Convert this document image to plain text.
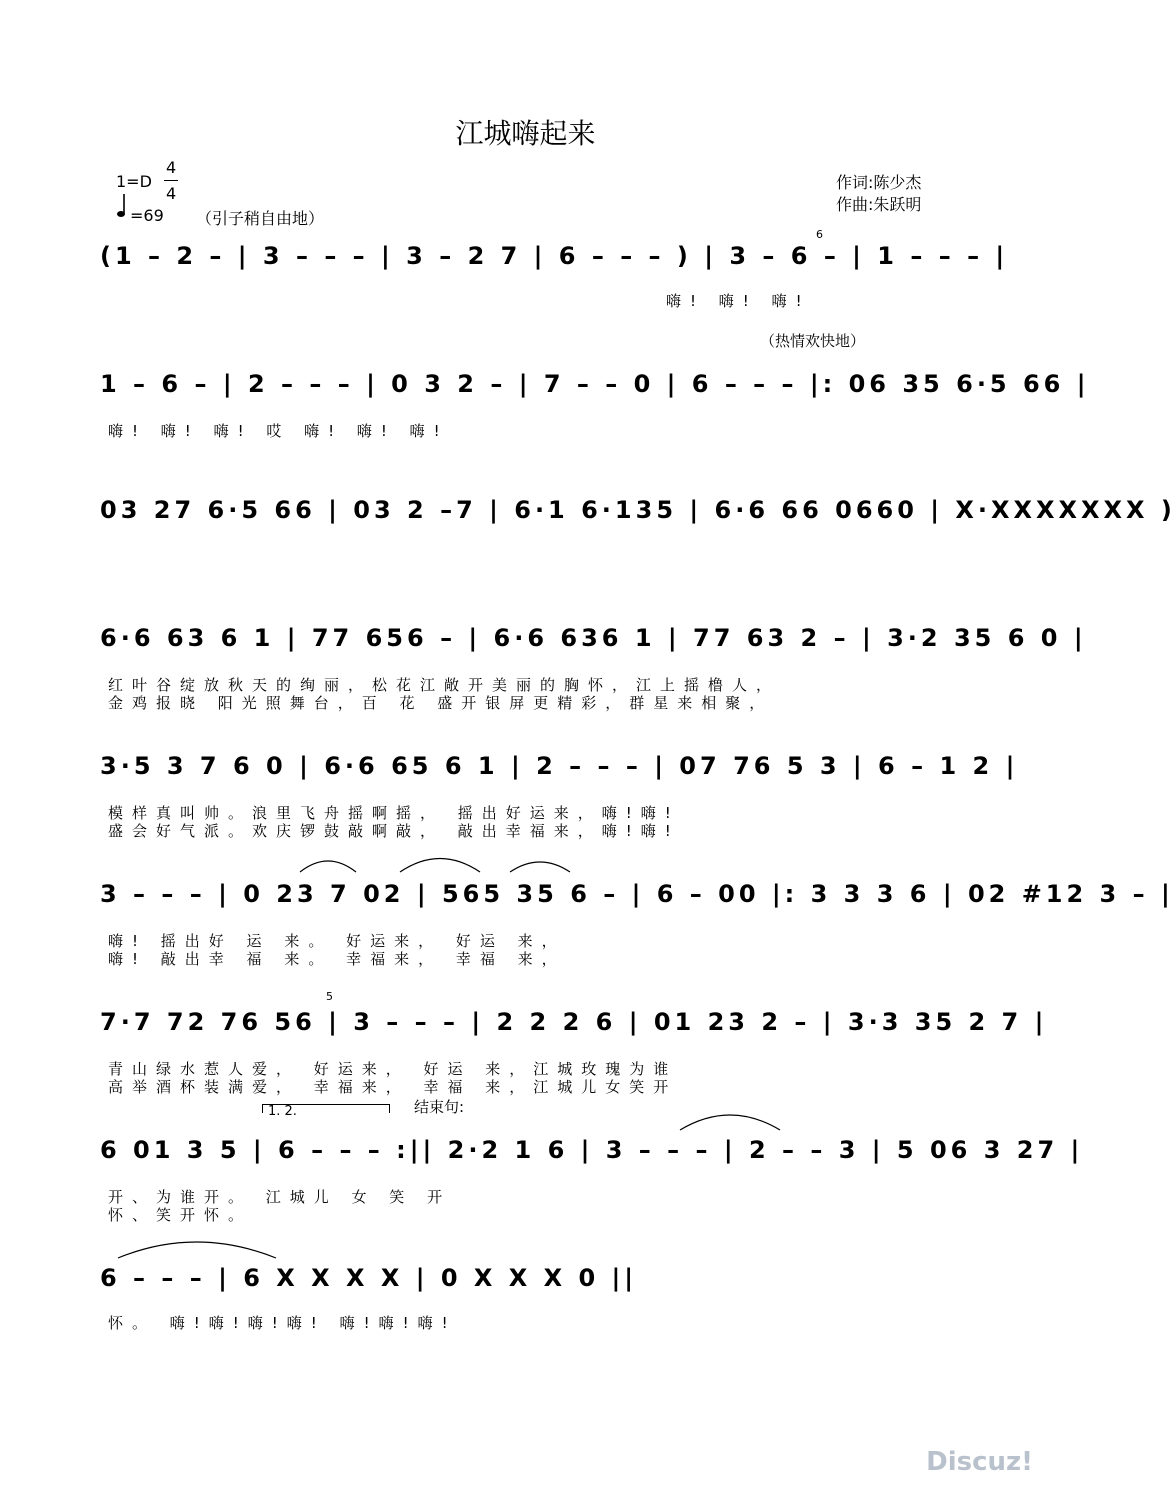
江城嗨起来
1=D
4
4
=69 （引子稍自由地）
作词:陈少杰
作曲:朱跃明
6
（热情欢快地）
5
1. 2.	结束句:
(1 – 2 – | 3 – – – | 3 – 2 7 | 6 – – – ) | 3 – 6 – | 1 – – – |
嗨! 嗨! 嗨!
1 – 6 – | 2 – – – | 0 3 2 – | 7 – – 0 | 6 – – – |: 06 35 6·5 66 |
嗨! 嗨! 嗨! 哎 嗨! 嗨! 嗨!
03 27 6·5 66 | 03 2 –7 | 6·1 6·135 | 6·6 66 0660 | X·XXXXXXX )
6·6 63 6 1 | 77 656 – | 6·6 636 1 | 77 63 2 – | 3·2 35 6 0 |
红叶谷绽放秋天的绚丽，松花江敞开美丽的胸怀，江上摇橹人，
金鸡报晓 阳光照舞台，百 花 盛开银屏更精彩，群星来相聚，
3·5 3 7 6 0 | 6·6 65 6 1 | 2 – – – | 07 76 5 3 | 6 – 1 2 |
模样真叫帅。浪里飞舟摇啊摇， 摇出好运来，嗨!嗨!
盛会好气派。欢庆锣鼓敲啊敲， 敲出幸福来，嗨!嗨!
3 – – – | 0 23 7 02 | 565 35 6 – | 6 – 00 |: 3 3 3 6 | 02 #12 3 – |
嗨! 摇出好 运 来。 好运来， 好运 来，
嗨! 敲出幸 福 来。 幸福来， 幸福 来，
7·7 72 76 56 | 3 – – – | 2 2 2 6 | 01 23 2 – | 3·3 35 2 7 |
青山绿水惹人爱， 好运来， 好运 来，江城玫瑰为谁
高举酒杯装满爱， 幸福来， 幸福 来，江城儿女笑开
6 01 3 5 | 6 – – – :|| 2·2 1 6 | 3 – – – | 2 – – 3 | 5 06 3 27 |
开、为谁开。 江城儿 女 笑 开
怀、笑开怀。
6 – – – | 6 X X X X | 0 X X X 0 ||
怀。 嗨!嗨!嗨!嗨! 嗨!嗨!嗨!
Discuz!
